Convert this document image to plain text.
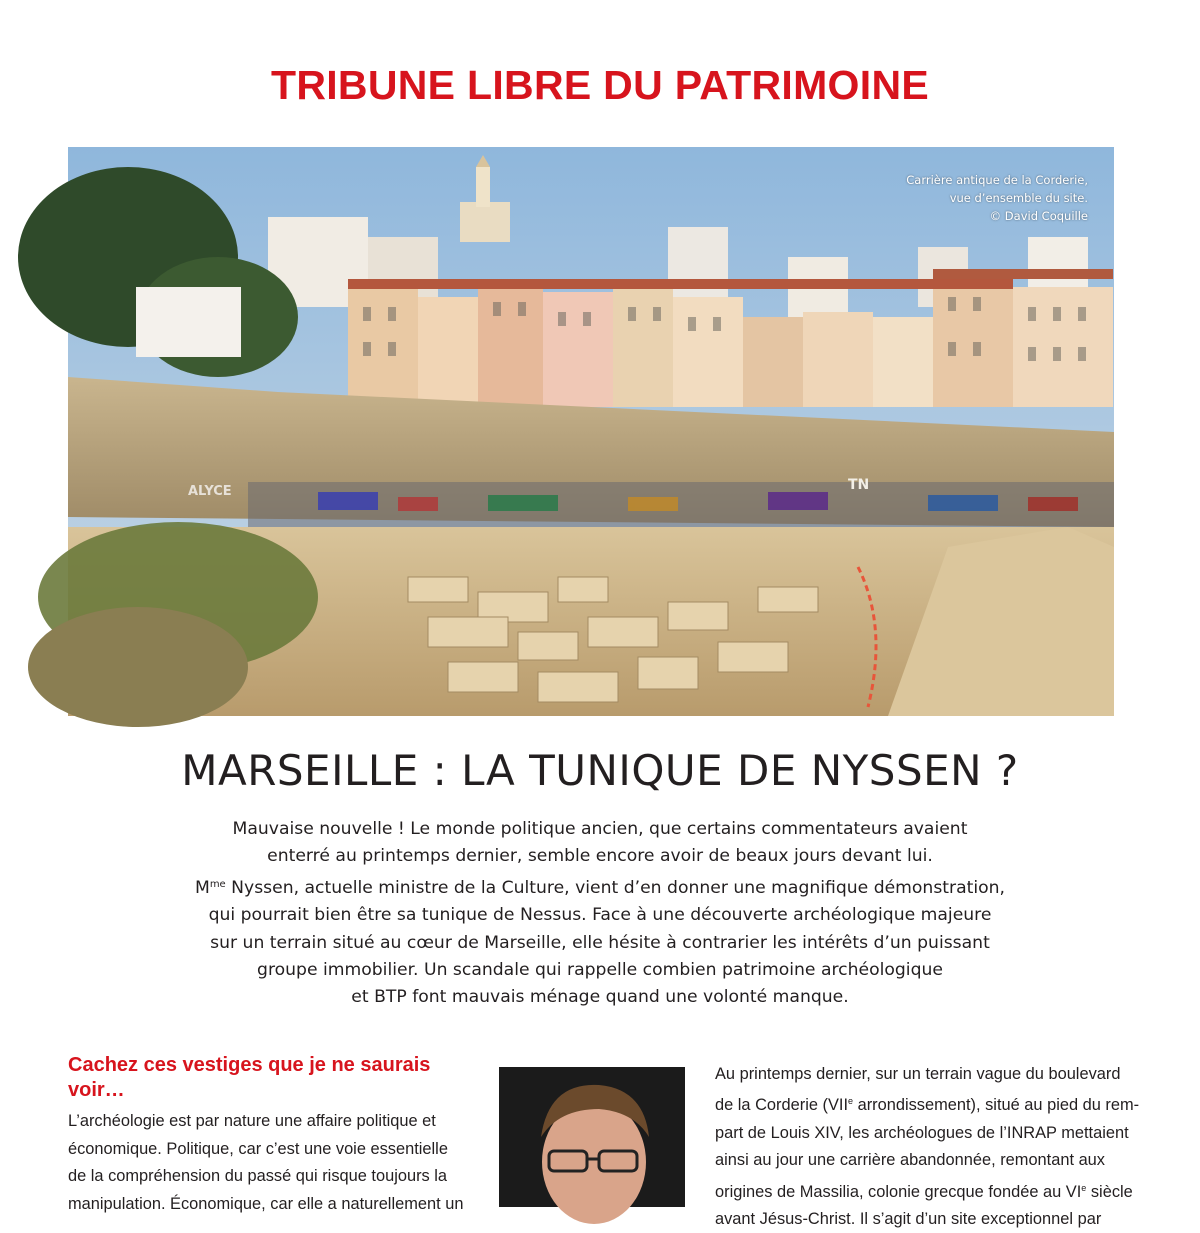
TRIBUNE LIBRE DU PATRIMOINE
ALYCE	TN
Carrière antique de la Corderie,
vue d’ensemble du site.
© David Coquille
MARSEILLE : LA TUNIQUE DE NYSSEN ?
Mauvaise nouvelle ! Le monde politique ancien, que certains commentateurs avaient
enterré au printemps dernier, semble encore avoir de beaux jours devant lui.
$M^{me}$ Nyssen, actuelle ministre de la Culture, vient d’en donner une magnifique démonstration,
qui pourrait bien être sa tunique de Nessus. Face à une découverte archéologique majeure
sur un terrain situé au cœur de Marseille, elle hésite à contrarier les intérêts d’un puissant
groupe immobilier. Un scandale qui rappelle combien patrimoine archéologique
et BTP font mauvais ménage quand une volonté manque.
Cachez ces vestiges que je ne saurais voir…
L’archéologie est par nature une affaire politique et
économique. Politique, car c’est une voie essentielle
de la compréhension du passé qui risque toujours la
manipulation. Économique, car elle a naturellement un
Au printemps dernier, sur un terrain vague du boulevard
de la Corderie (VIIe arrondissement), situé au pied du rem-
part de Louis XIV, les archéologues de l’INRAP mettaient
ainsi au jour une carrière abandonnée, remontant aux
origines de Massilia, colonie grecque fondée au VIe siècle
avant Jésus-Christ. Il s’agit d’un site exceptionnel par
